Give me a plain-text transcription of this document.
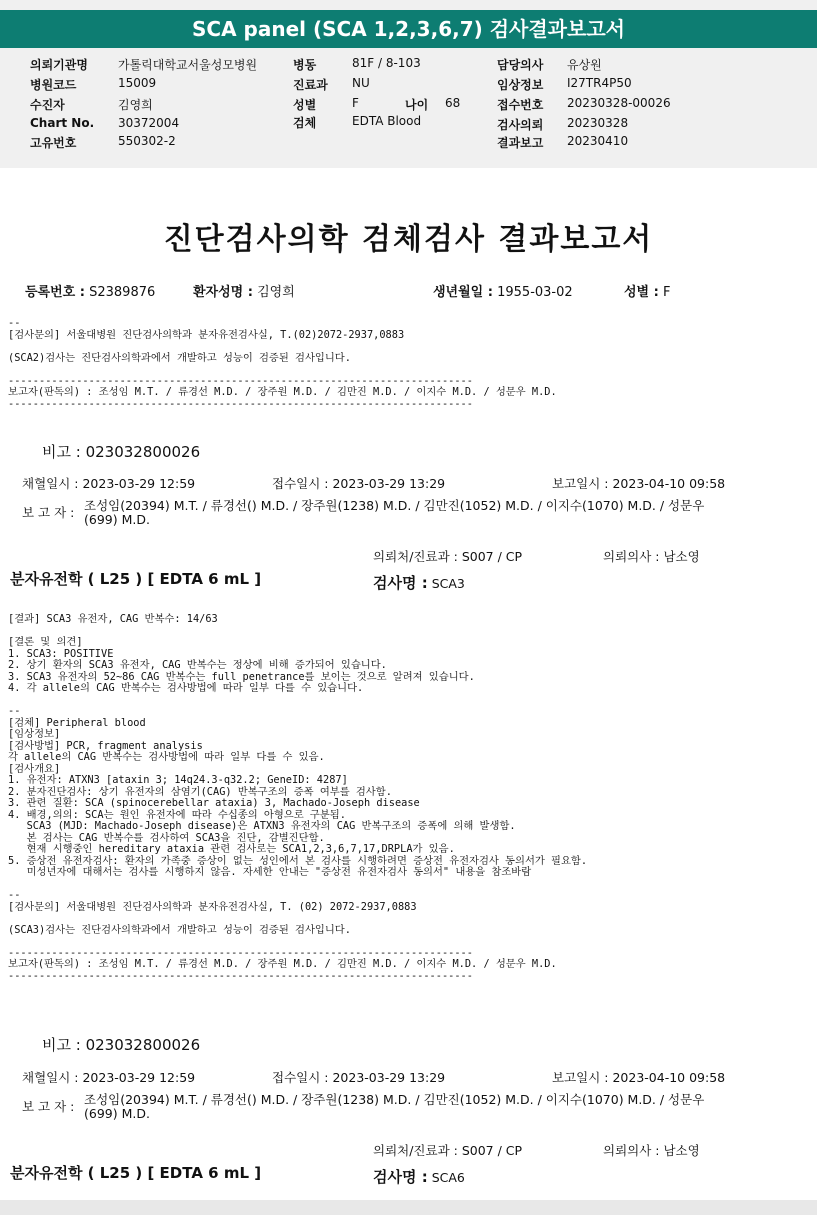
SCA panel (SCA 1,2,3,6,7) 검사결과보고서
의뢰기관명	가톨릭대학교서울성모병원
병원코드	15009
수진자	김영희
Chart No. 30372004
고유번호	550302-2
병동	81F / 8-103
진료과 NU
성별	F	나이 68
검체	EDTA Blood
담당의사 유상원
임상정보 I27TR4P50
접수번호 20230328-00026
검사의뢰 20230328
결과보고 20230410
진단검사의학 검체검사 결과보고서
등록번호 : S2389876	환자성명 : 김영희	생년월일 : 1955-03-02	성별 : F
--
[검사문의] 서울대병원 진단검사의학과 분자유전검사실, T.(02)2072-2937,0883

(SCA2)검사는 진단검사의학과에서 개발하고 성능이 검증된 검사입니다.

---------------------------------------------------------------------------
보고자(판독의) : 조성임 M.T. / 류경선 M.D. / 장주원 M.D. / 김만진 M.D. / 이지수 M.D. / 성문우 M.D.
---------------------------------------------------------------------------
비고 : 023032800026
채혈일시 : 2023-03-29 12:59	접수일시 : 2023-03-29 13:29	보고일시 : 2023-04-10 09:58
보 고 자 : 조성임(20394) M.T. / 류경선() M.D. / 장주원(1238) M.D. / 김만진(1052) M.D. / 이지수(1070) M.D. / 성문우
(699) M.D.
의뢰처/진료과 : S007 / CP	의뢰의사 : 남소영
분자유전학 ( L25 ) [ EDTA 6 mL ]	검사명 : SCA3
[결과] SCA3 유전자, CAG 반복수: 14/63

[결론 및 의견]
1. SCA3: POSITIVE
2. 상기 환자의 SCA3 유전자, CAG 반복수는 정상에 비해 증가되어 있습니다.
3. SCA3 유전자의 52~86 CAG 반복수는 full penetrance를 보이는 것으로 알려져 있습니다.
4. 각 allele의 CAG 반복수는 검사방법에 따라 일부 다를 수 있습니다.

--
[검체] Peripheral blood
[임상정보]
[검사방법] PCR, fragment analysis
각 allele의 CAG 반복수는 검사방법에 따라 일부 다를 수 있음.
[검사개요]
1. 유전자: ATXN3 [ataxin 3; 14q24.3-q32.2; GeneID: 4287]
2. 분자진단검사: 상기 유전자의 삼염기(CAG) 반복구조의 증폭 여부를 검사함.
3. 관련 질환: SCA (spinocerebellar ataxia) 3, Machado-Joseph disease
4. 배경,의의: SCA는 원인 유전자에 따라 수십종의 아형으로 구분됨.
SCA3 (MJD: Machado-Joseph disease)은 ATXN3 유전자의 CAG 반복구조의 증폭에 의해 발생함.
본 검사는 CAG 반복수를 검사하여 SCA3을 진단, 감별진단함.
현재 시행중인 hereditary ataxia 관련 검사로는 SCA1,2,3,6,7,17,DRPLA가 있음.
5. 증상전 유전자검사: 환자의 가족중 증상이 없는 성인에서 본 검사를 시행하려면 증상전 유전자검사 동의서가 필요함.
미성년자에 대해서는 검사를 시행하지 않음. 자세한 안내는 "증상전 유전자검사 동의서" 내용을 참조바람

--
[검사문의] 서울대병원 진단검사의학과 분자유전검사실, T. (02) 2072-2937,0883

(SCA3)검사는 진단검사의학과에서 개발하고 성능이 검증된 검사입니다.

---------------------------------------------------------------------------
보고자(판독의) : 조성임 M.T. / 류경선 M.D. / 장주원 M.D. / 김만진 M.D. / 이지수 M.D. / 성문우 M.D.
---------------------------------------------------------------------------
비고 : 023032800026
채혈일시 : 2023-03-29 12:59	접수일시 : 2023-03-29 13:29	보고일시 : 2023-04-10 09:58
보 고 자 : 조성임(20394) M.T. / 류경선() M.D. / 장주원(1238) M.D. / 김만진(1052) M.D. / 이지수(1070) M.D. / 성문우
(699) M.D.
의뢰처/진료과 : S007 / CP	의뢰의사 : 남소영
분자유전학 ( L25 ) [ EDTA 6 mL ]	검사명 : SCA6
